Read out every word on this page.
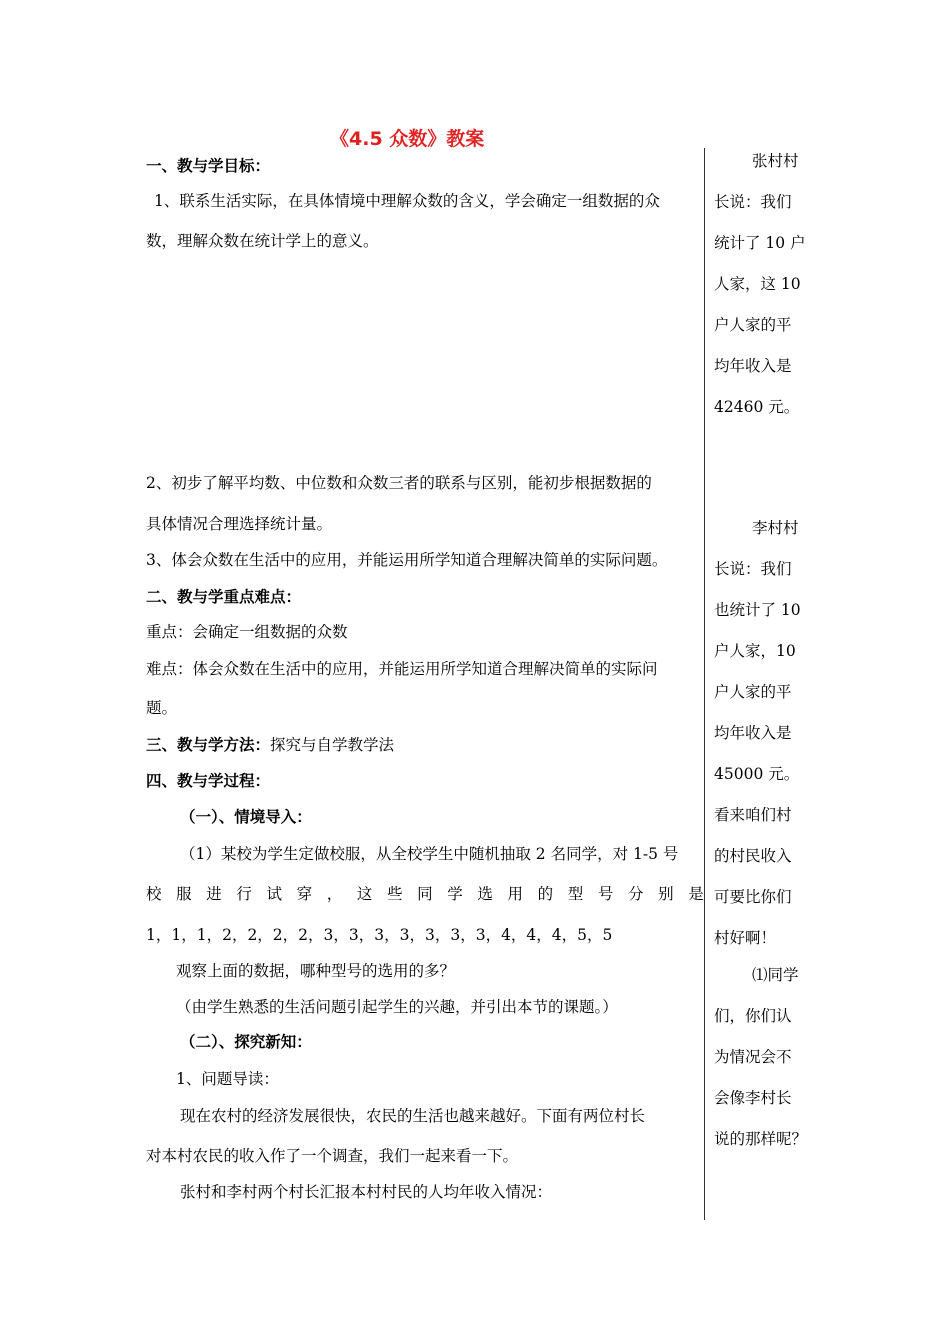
《4.5 众数》教案
一、教与学目标：
1、联系生活实际，在具体情境中理解众数的含义，学会确定一组数据的众
数，理解众数在统计学上的意义。
2、初步了解平均数、中位数和众数三者的联系与区别，能初步根据数据的
具体情况合理选择统计量。
3、体会众数在生活中的应用，并能运用所学知道合理解决简单的实际问题。
二、教与学重点难点：
重点：会确定一组数据的众数
难点：体会众数在生活中的应用，并能运用所学知道合理解决简单的实际问
题。
三、教与学方法：探究与自学教学法
四、教与学过程：
（一）、情境导入：
（1）某校为学生定做校服，从全校学生中随机抽取 2 名同学，对 1-5 号
校 服 进 行 试 穿 ， 这 些 同 学 选 用 的 型 号 分 别 是
1，1，1，2，2，2，2，3，3，3，3，3，3，3，4，4，4，5，5
观察上面的数据，哪种型号的选用的多？
（由学生熟悉的生活问题引起学生的兴趣，并引出本节的课题。）
（二）、探究新知：
1、问题导读：
现在农村的经济发展很快，农民的生活也越来越好。下面有两位村长
对本村农民的收入作了一个调查，我们一起来看一下。
张村和李村两个村长汇报本村村民的人均年收入情况：
张村村
长说：我们
统计了 10 户
人家，这 10
户人家的平
均年收入是
42460 元。
李村村
长说：我们
也统计了 10
户人家，10
户人家的平
均年收入是
45000 元。
看来咱们村
的村民收入
可要比你们
村好啊！
⑴同学
们，你们认
为情况会不
会像李村长
说的那样呢？
